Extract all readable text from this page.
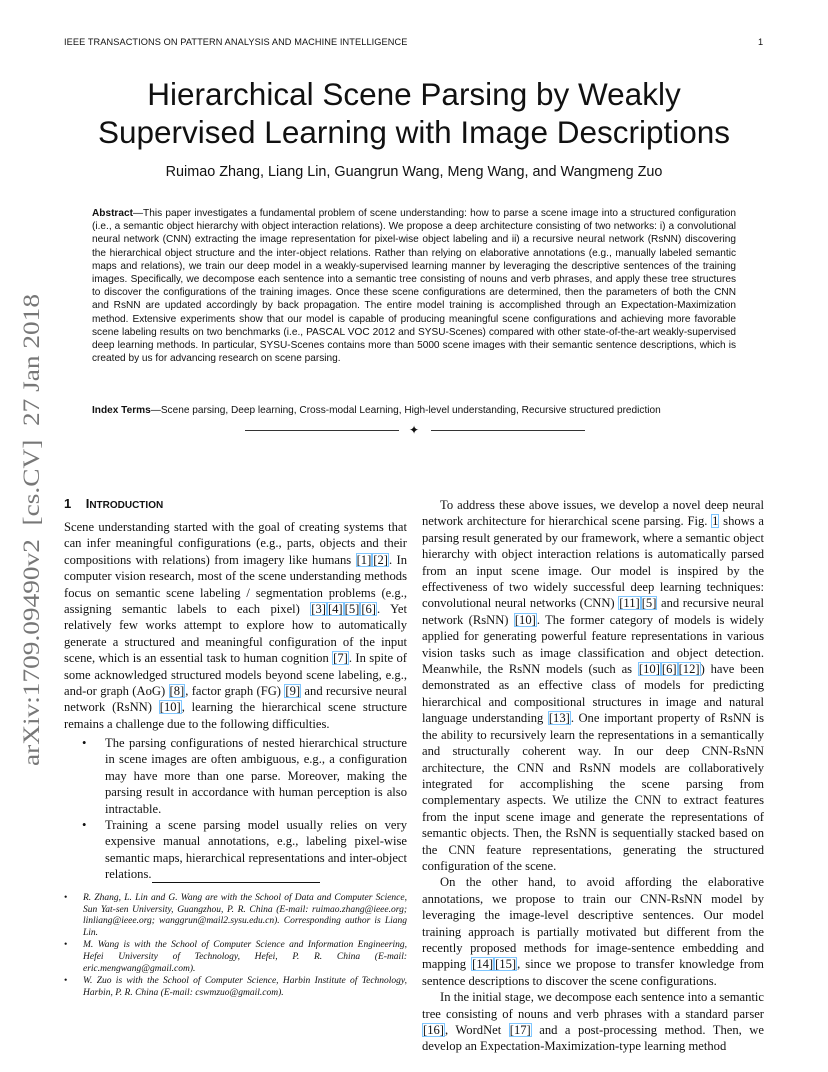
IEEE TRANSACTIONS ON PATTERN ANALYSIS AND MACHINE INTELLIGENCE	1
arXiv:1709.09490v2  [cs.CV]  27 Jan 2018
Hierarchical Scene Parsing by Weakly
Supervised Learning with Image Descriptions
Ruimao Zhang, Liang Lin, Guangrun Wang, Meng Wang, and Wangmeng Zuo

Abstract—This paper investigates a fundamental problem of scene understanding: how to parse a scene image into a structured configuration (i.e., a semantic object hierarchy with object interaction relations). We propose a deep architecture consisting of two networks: i) a convolutional neural network (CNN) extracting the image representation for pixel-wise object labeling and ii) a recursive neural network (RsNN) discovering the hierarchical object structure and the inter-object relations. Rather than relying on elaborative annotations (e.g., manually labeled semantic maps and relations), we train our deep model in a weakly-supervised learning manner by leveraging the descriptive sentences of the training images. Specifically, we decompose each sentence into a semantic tree consisting of nouns and verb phrases, and apply these tree structures to discover the configurations of the training images. Once these scene configurations are determined, then the parameters of both the CNN and RsNN are updated accordingly by back propagation. The entire model training is accomplished through an Expectation-Maximization method. Extensive experiments show that our model is capable of producing meaningful scene configurations and achieving more favorable scene labeling results on two benchmarks (i.e., PASCAL VOC 2012 and SYSU-Scenes) compared with other state-of-the-art weakly-supervised deep learning methods. In particular, SYSU-Scenes contains more than 5000 scene images with their semantic sentence descriptions, which is created by us for advancing research on scene parsing.

Index Terms—Scene parsing, Deep learning, Cross-modal Learning, High-level understanding, Recursive structured prediction

✦
1 INTRODUCTION

Scene understanding started with the goal of creating systems that can infer meaningful configurations (e.g., parts, objects and their compositions with relations) from imagery like humans [1] [2]. In computer vision research, most of the scene understanding methods focus on semantic scene labeling / segmentation problems (e.g., assigning semantic labels to each pixel) [3] [4] [5] [6]. Yet relatively few works attempt to explore how to automatically generate a structured and meaningful configuration of the input scene, which is an essential task to human cognition [7]. In spite of some acknowledged structured models beyond scene labeling, e.g., and-or graph (AoG) [8], factor graph (FG) [9] and recursive neural network (RsNN) [10], learning the hierarchical scene structure remains a challenge due to the following difficulties.

• The parsing configurations of nested hierarchical structure in scene images are often ambiguous, e.g., a configuration may have more than one parse. Moreover, making the parsing result in accordance with human perception is also intractable.
• Training a scene parsing model usually relies on very expensive manual annotations, e.g., labeling pixel-wise semantic maps, hierarchical representations and inter-object relations.
• R. Zhang, L. Lin and G. Wang are with the School of Data and Computer Science, Sun Yat-sen University, Guangzhou, P. R. China (E-mail: ruimao.zhang@ieee.org; linliang@ieee.org; wanggrun@mail2.sysu.edu.cn). Corresponding author is Liang Lin.
• M. Wang is with the School of Computer Science and Information Engineering, Hefei University of Technology, Hefei, P. R. China (E-mail: eric.mengwang@gmail.com).
• W. Zuo is with the School of Computer Science, Harbin Institute of Technology, Harbin, P. R. China (E-mail: cswmzuo@gmail.com).

To address these above issues, we develop a novel deep neural network architecture for hierarchical scene parsing. Fig. 1 shows a parsing result generated by our framework, where a semantic object hierarchy with object interaction relations is automatically parsed from an input scene image. Our model is inspired by the effectiveness of two widely successful deep learning techniques: convolutional neural networks (CNN) [11] [5] and recursive neural network (RsNN) [10]. The former category of models is widely applied for generating powerful feature representations in various vision tasks such as image classification and object detection. Meanwhile, the RsNN models (such as [10] [6] [12]) have been demonstrated as an effective class of models for predicting hierarchical and compositional structures in image and natural language understanding [13]. One important property of RsNN is the ability to recursively learn the representations in a semantically and structurally coherent way. In our deep CNN-RsNN architecture, the CNN and RsNN models are collaboratively integrated for accomplishing the scene parsing from complementary aspects. We utilize the CNN to extract features from the input scene image and generate the representations of semantic objects. Then, the RsNN is sequentially stacked based on the CNN feature representations, generating the structured configuration of the scene.

On the other hand, to avoid affording the elaborative annotations, we propose to train our CNN-RsNN model by leveraging the image-level descriptive sentences. Our model training approach is partially motivated but different from the recently proposed methods for image-sentence embedding and mapping [14] [15], since we propose to transfer knowledge from sentence descriptions to discover the scene configurations.

In the initial stage, we decompose each sentence into a semantic tree consisting of nouns and verb phrases with a standard parser [16], WordNet [17] and a post-processing method. Then, we develop an Expectation-Maximization-type learning method
